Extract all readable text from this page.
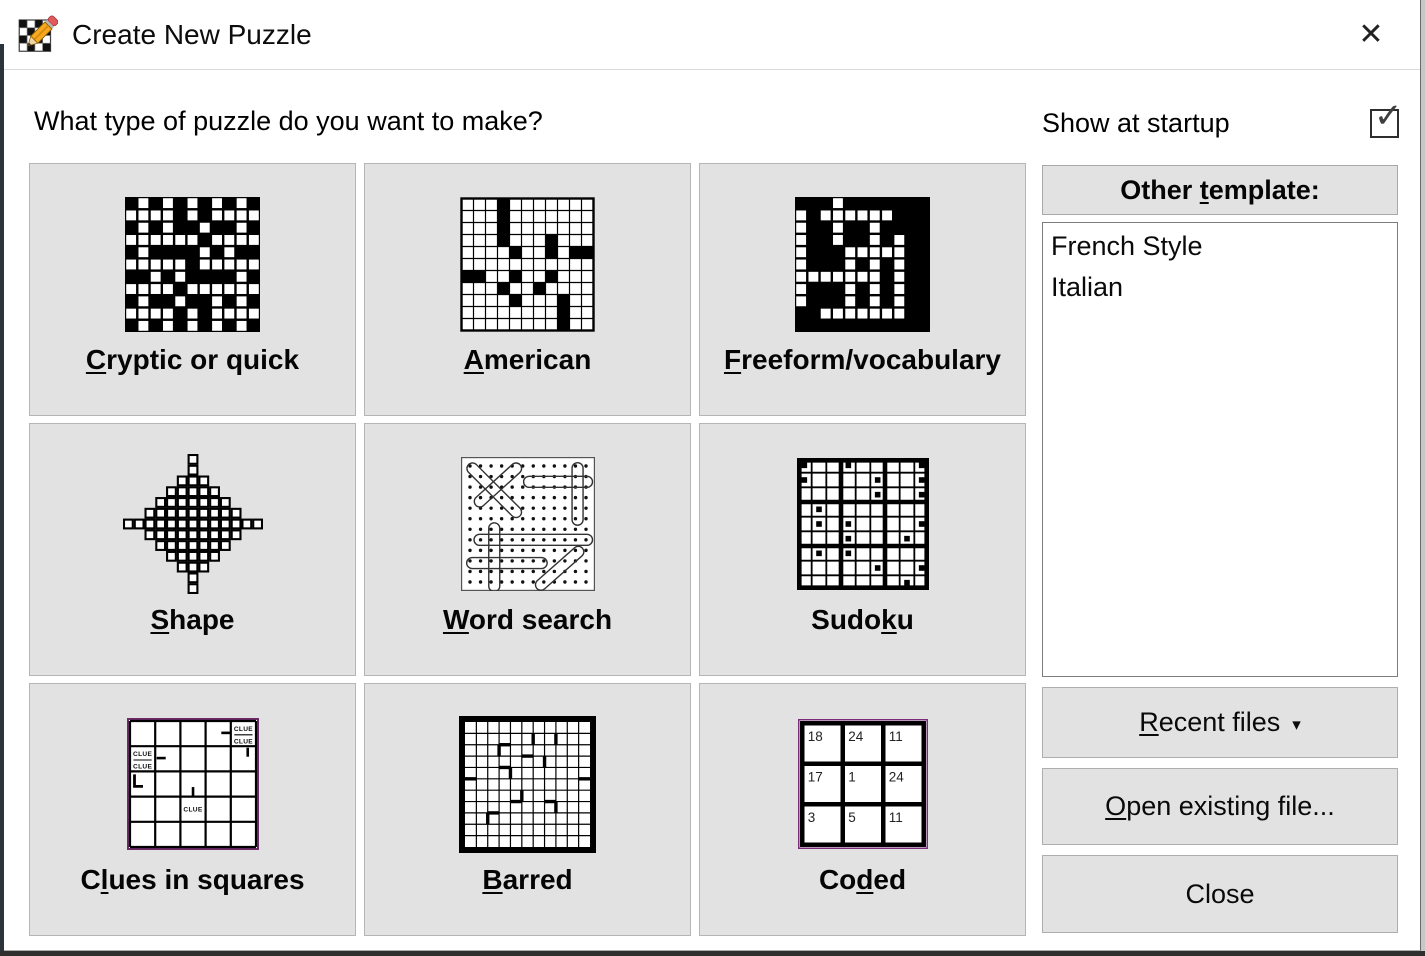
Create New Puzzle	✕
What type of puzzle do you want to make?	Show at startup	✓
Cryptic or quick	American	Freeform/vocabulary
Shape	Word search	Sudoku
CLUE
CLUE
CLUE
CLUE
CLUE
Clues in squares	Barred
18 24 11
17 1 24
3 5 11
Coded
Other template:
French Style
Italian
Recent files ▾
Open existing file...
Close
